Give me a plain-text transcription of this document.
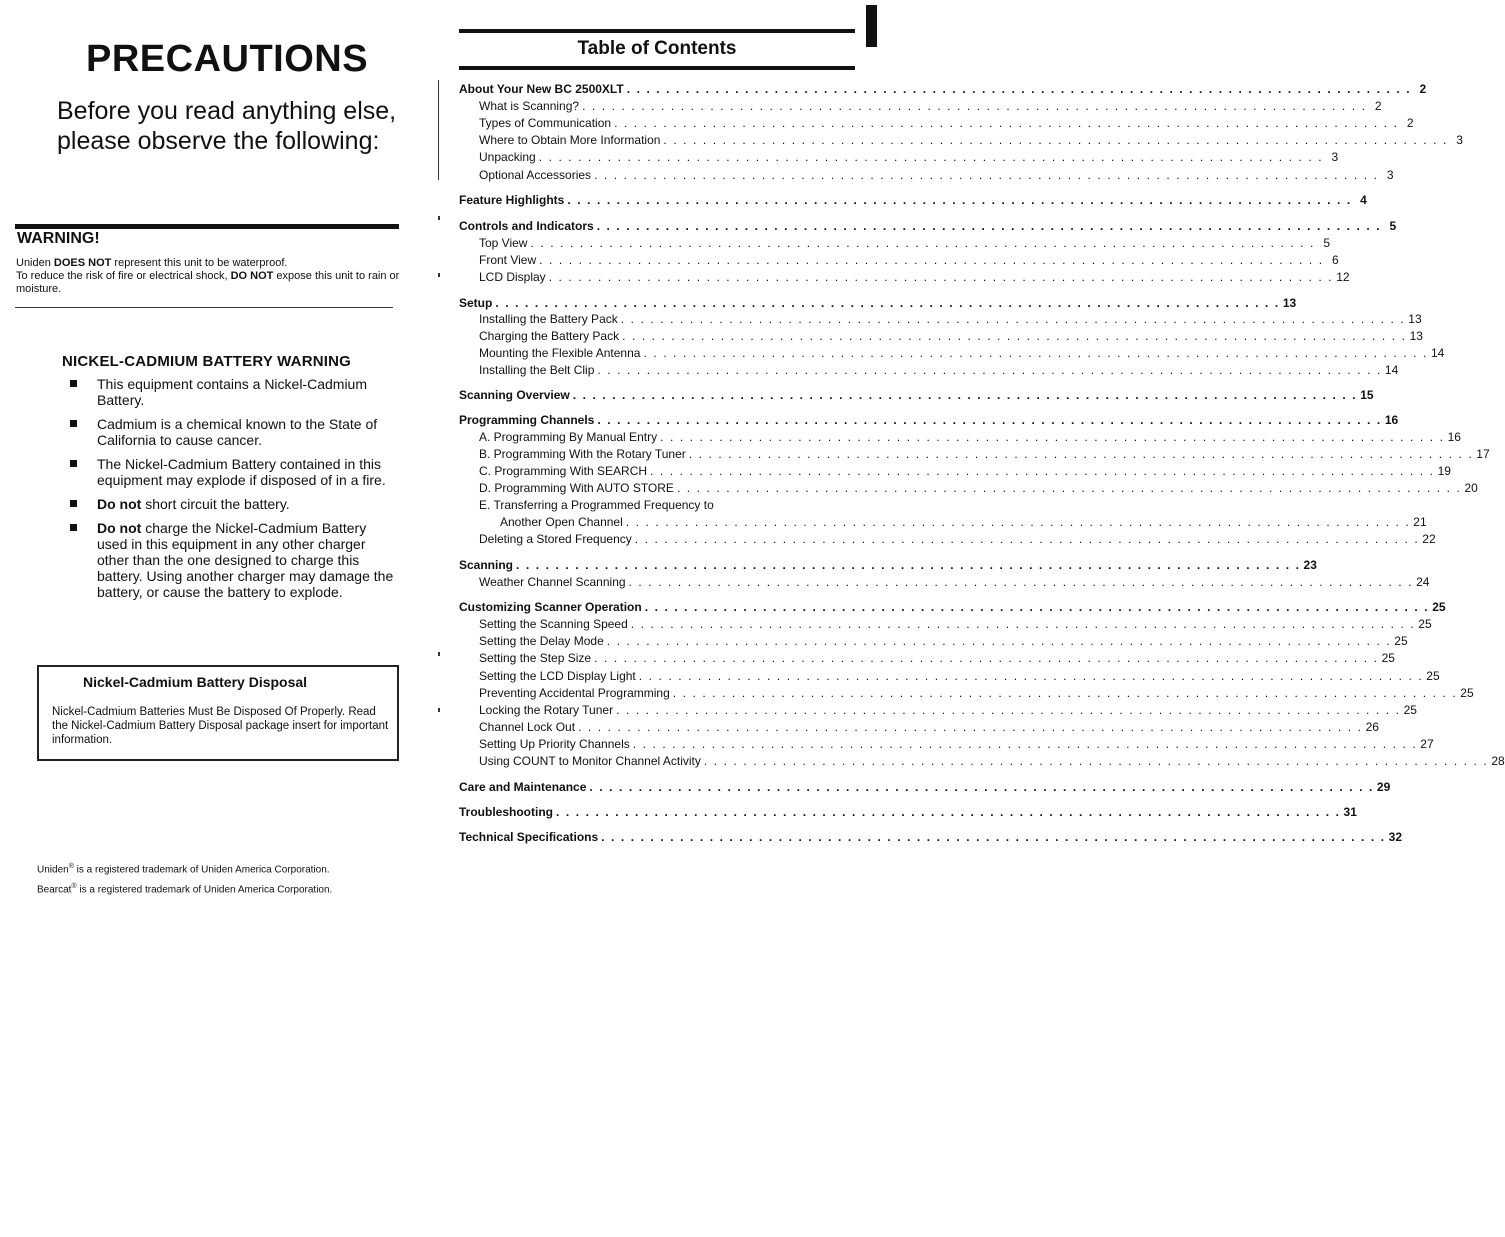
PRECAUTIONS
Before you read anything else, please observe the following:
WARNING!
Uniden DOES NOT represent this unit to be waterproof.
To reduce the risk of fire or electrical shock, DO NOT expose this unit to rain or moisture.
NICKEL-CADMIUM BATTERY WARNING
This equipment contains a Nickel-Cadmium Battery.
Cadmium is a chemical known to the State of California to cause cancer.
The Nickel-Cadmium Battery contained in this equipment may explode if disposed of in a fire.
Do not short circuit the battery.
Do not charge the Nickel-Cadmium Battery used in this equipment in any other charger other than the one designed to charge this battery. Using another charger may damage the battery, or cause the battery to explode.
Nickel-Cadmium Battery Disposal
Nickel-Cadmium Batteries Must Be Disposed Of Properly. Read the Nickel-Cadmium Battery Disposal package insert for important information.
Uniden® is a registered trademark of Uniden America Corporation.
Bearcat® is a registered trademark of Uniden America Corporation.
Table of Contents
About Your New BC 2500XLT . . . . . . . . . . . . . . . . . . . . . . . . . . . . . . . . . . . . . . . . . . . . . . . . . . . . . . . . . . . . . . . . . . . . . . . . . . . . . . . . 2
What is Scanning? . . . . . . . . . . . . . . . . . . . . . . . . . . . . . . . . . . . . . . . . . . . . . . . . . . . . . . . . . . . . . . . . . . . . . . . . . . . . . . . . 2
Types of Communication . . . . . . . . . . . . . . . . . . . . . . . . . . . . . . . . . . . . . . . . . . . . . . . . . . . . . . . . . . . . . . . . . . . . . . . . . . . . . . . . 2
Where to Obtain More Information . . . . . . . . . . . . . . . . . . . . . . . . . . . . . . . . . . . . . . . . . . . . . . . . . . . . . . . . . . . . . . . . . . . . . . . . . . . . . . . . 3
Unpacking . . . . . . . . . . . . . . . . . . . . . . . . . . . . . . . . . . . . . . . . . . . . . . . . . . . . . . . . . . . . . . . . . . . . . . . . . . . . . . . . 3
Optional Accessories . . . . . . . . . . . . . . . . . . . . . . . . . . . . . . . . . . . . . . . . . . . . . . . . . . . . . . . . . . . . . . . . . . . . . . . . . . . . . . . . 3
Feature Highlights . . . . . . . . . . . . . . . . . . . . . . . . . . . . . . . . . . . . . . . . . . . . . . . . . . . . . . . . . . . . . . . . . . . . . . . . . . . . . . . . 4
Controls and Indicators . . . . . . . . . . . . . . . . . . . . . . . . . . . . . . . . . . . . . . . . . . . . . . . . . . . . . . . . . . . . . . . . . . . . . . . . . . . . . . . . 5
Top View . . . . . . . . . . . . . . . . . . . . . . . . . . . . . . . . . . . . . . . . . . . . . . . . . . . . . . . . . . . . . . . . . . . . . . . . . . . . . . . . 5
Front View . . . . . . . . . . . . . . . . . . . . . . . . . . . . . . . . . . . . . . . . . . . . . . . . . . . . . . . . . . . . . . . . . . . . . . . . . . . . . . . . 6
LCD Display . . . . . . . . . . . . . . . . . . . . . . . . . . . . . . . . . . . . . . . . . . . . . . . . . . . . . . . . . . . . . . . . . . . . . . . . . . . . . . . . 12
Setup . . . . . . . . . . . . . . . . . . . . . . . . . . . . . . . . . . . . . . . . . . . . . . . . . . . . . . . . . . . . . . . . . . . . . . . . . . . . . . . . 13
Installing the Battery Pack . . . . . . . . . . . . . . . . . . . . . . . . . . . . . . . . . . . . . . . . . . . . . . . . . . . . . . . . . . . . . . . . . . . . . . . . . . . . . . . . 13
Charging the Battery Pack . . . . . . . . . . . . . . . . . . . . . . . . . . . . . . . . . . . . . . . . . . . . . . . . . . . . . . . . . . . . . . . . . . . . . . . . . . . . . . . . 13
Mounting the Flexible Antenna . . . . . . . . . . . . . . . . . . . . . . . . . . . . . . . . . . . . . . . . . . . . . . . . . . . . . . . . . . . . . . . . . . . . . . . . . . . . . . . . 14
Installing the Belt Clip . . . . . . . . . . . . . . . . . . . . . . . . . . . . . . . . . . . . . . . . . . . . . . . . . . . . . . . . . . . . . . . . . . . . . . . . . . . . . . . . 14
Scanning Overview . . . . . . . . . . . . . . . . . . . . . . . . . . . . . . . . . . . . . . . . . . . . . . . . . . . . . . . . . . . . . . . . . . . . . . . . . . . . . . . . 15
Programming Channels . . . . . . . . . . . . . . . . . . . . . . . . . . . . . . . . . . . . . . . . . . . . . . . . . . . . . . . . . . . . . . . . . . . . . . . . . . . . . . . . 16
A. Programming By Manual Entry . . . . . . . . . . . . . . . . . . . . . . . . . . . . . . . . . . . . . . . . . . . . . . . . . . . . . . . . . . . . . . . . . . . . . . . . . . . . . . . . 16
B. Programming With the Rotary Tuner . . . . . . . . . . . . . . . . . . . . . . . . . . . . . . . . . . . . . . . . . . . . . . . . . . . . . . . . . . . . . . . . . . . . . . . . . . . . . . . . 17
C. Programming With SEARCH . . . . . . . . . . . . . . . . . . . . . . . . . . . . . . . . . . . . . . . . . . . . . . . . . . . . . . . . . . . . . . . . . . . . . . . . . . . . . . . . 19
D. Programming With AUTO STORE . . . . . . . . . . . . . . . . . . . . . . . . . . . . . . . . . . . . . . . . . . . . . . . . . . . . . . . . . . . . . . . . . . . . . . . . . . . . . . . . 20
E. Transferring a Programmed Frequency to
Another Open Channel . . . . . . . . . . . . . . . . . . . . . . . . . . . . . . . . . . . . . . . . . . . . . . . . . . . . . . . . . . . . . . . . . . . . . . . . . . . . . . . . 21
Deleting a Stored Frequency . . . . . . . . . . . . . . . . . . . . . . . . . . . . . . . . . . . . . . . . . . . . . . . . . . . . . . . . . . . . . . . . . . . . . . . . . . . . . . . . 22
Scanning . . . . . . . . . . . . . . . . . . . . . . . . . . . . . . . . . . . . . . . . . . . . . . . . . . . . . . . . . . . . . . . . . . . . . . . . . . . . . . . . 23
Weather Channel Scanning . . . . . . . . . . . . . . . . . . . . . . . . . . . . . . . . . . . . . . . . . . . . . . . . . . . . . . . . . . . . . . . . . . . . . . . . . . . . . . . . 24
Customizing Scanner Operation . . . . . . . . . . . . . . . . . . . . . . . . . . . . . . . . . . . . . . . . . . . . . . . . . . . . . . . . . . . . . . . . . . . . . . . . . . . . . . . . 25
Setting the Scanning Speed . . . . . . . . . . . . . . . . . . . . . . . . . . . . . . . . . . . . . . . . . . . . . . . . . . . . . . . . . . . . . . . . . . . . . . . . . . . . . . . . 25
Setting the Delay Mode . . . . . . . . . . . . . . . . . . . . . . . . . . . . . . . . . . . . . . . . . . . . . . . . . . . . . . . . . . . . . . . . . . . . . . . . . . . . . . . . 25
Setting the Step Size . . . . . . . . . . . . . . . . . . . . . . . . . . . . . . . . . . . . . . . . . . . . . . . . . . . . . . . . . . . . . . . . . . . . . . . . . . . . . . . . 25
Setting the LCD Display Light . . . . . . . . . . . . . . . . . . . . . . . . . . . . . . . . . . . . . . . . . . . . . . . . . . . . . . . . . . . . . . . . . . . . . . . . . . . . . . . . 25
Preventing Accidental Programming . . . . . . . . . . . . . . . . . . . . . . . . . . . . . . . . . . . . . . . . . . . . . . . . . . . . . . . . . . . . . . . . . . . . . . . . . . . . . . . . 25
Locking the Rotary Tuner . . . . . . . . . . . . . . . . . . . . . . . . . . . . . . . . . . . . . . . . . . . . . . . . . . . . . . . . . . . . . . . . . . . . . . . . . . . . . . . . 25
Channel Lock Out . . . . . . . . . . . . . . . . . . . . . . . . . . . . . . . . . . . . . . . . . . . . . . . . . . . . . . . . . . . . . . . . . . . . . . . . . . . . . . . . 26
Setting Up Priority Channels . . . . . . . . . . . . . . . . . . . . . . . . . . . . . . . . . . . . . . . . . . . . . . . . . . . . . . . . . . . . . . . . . . . . . . . . . . . . . . . . 27
Using COUNT to Monitor Channel Activity . . . . . . . . . . . . . . . . . . . . . . . . . . . . . . . . . . . . . . . . . . . . . . . . . . . . . . . . . . . . . . . . . . . . . . . . . . . . . . . . 28
Care and Maintenance . . . . . . . . . . . . . . . . . . . . . . . . . . . . . . . . . . . . . . . . . . . . . . . . . . . . . . . . . . . . . . . . . . . . . . . . . . . . . . . . 29
Troubleshooting . . . . . . . . . . . . . . . . . . . . . . . . . . . . . . . . . . . . . . . . . . . . . . . . . . . . . . . . . . . . . . . . . . . . . . . . . . . . . . . . 31
Technical Specifications . . . . . . . . . . . . . . . . . . . . . . . . . . . . . . . . . . . . . . . . . . . . . . . . . . . . . . . . . . . . . . . . . . . . . . . . . . . . . . . . 32
